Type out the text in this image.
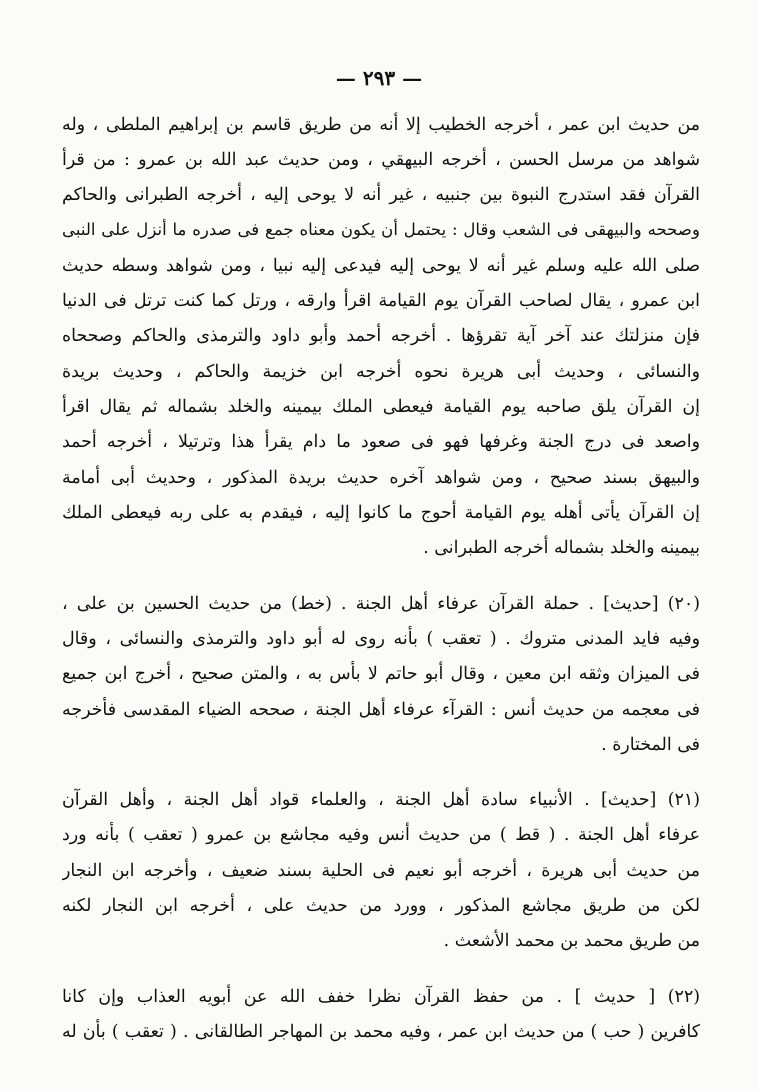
— ٢٩٣ —
من حديث ابن عمر ، أخرجه الخطيب إلا أنه من طريق قاسم بن إبراهيم الملطى ، وله
شواهد من مرسل الحسن ، أخرجه البيهقي ، ومن حديث عبد الله بن عمرو : من قرأ
القرآن فقد استدرج النبوة بين جنبيه ، غير أنه لا يوحى إليه ، أخرجه الطبرانى والحاكم
وصححه والبيهقى فى الشعب وقال : يحتمل أن يكون معناه جمع فى صدره ما أنزل على النبى
صلى الله عليه وسلم غير أنه لا يوحى إليه فيدعى إليه نبيا ، ومن شواهد وسطه حديث
ابن عمرو ، يقال لصاحب القرآن يوم القيامة اقرأ وارقه ، ورتل كما كنت ترتل فى الدنيا
فإن منزلتك عند آخر آية تقرؤها . أخرجه أحمد وأبو داود والترمذى والحاكم وصححاه
والنسائى ، وحديث أبى هريرة نحوه أخرجه ابن خزيمة والحاكم ، وحديث بريدة
إن القرآن يلق صاحبه يوم القيامة فيعطى الملك بيمينه والخلد بشماله ثم يقال اقرأ
واصعد فى درج الجنة وغرفها فهو فى صعود ما دام يقرأ هذا وترتيلا ، أخرجه أحمد
والبيهق بسند صحيح ، ومن شواهد آخره حديث بريدة المذكور ، وحديث أبى أمامة
إن القرآن يأتى أهله يوم القيامة أحوج ما كانوا إليه ، فيقدم به على ربه فيعطى الملك
بيمينه والخلد بشماله أخرجه الطبرانى .
(٢٠) [حديث] . حملة القرآن عرفاء أهل الجنة . (خط) من حديث الحسين بن على ،
وفيه فايد المدنى متروك . ( تعقب ) بأنه روى له أبو داود والترمذى والنسائى ، وقال
فى الميزان وثقه ابن معين ، وقال أبو حاتم لا بأس به ، والمتن صحيح ، أخرج ابن جميع
فى معجمه من حديث أنس : القرآء عرفاء أهل الجنة ، صححه الضياء المقدسى فأخرجه
فى المختارة .
(٢١) [حديث] . الأنبياء سادة أهل الجنة ، والعلماء قواد أهل الجنة ، وأهل القرآن
عرفاء أهل الجنة . ( قط ) من حديث أنس وفيه مجاشع بن عمرو ( تعقب ) بأنه ورد
من حديث أبى هريرة ، أخرجه أبو نعيم فى الحلية بسند ضعيف ، وأخرجه ابن النجار
لكن من طريق مجاشع المذكور ، وورد من حديث على ، أخرجه ابن النجار لكنه
من طريق محمد بن محمد الأشعث .
(٢٢) [ حديث ] . من حفظ القرآن نظرا خفف الله عن أبويه العذاب وإن كانا
كافرين ( حب ) من حديث ابن عمر ، وفيه محمد بن المهاجر الطالقانى . ( تعقب ) بأن له
